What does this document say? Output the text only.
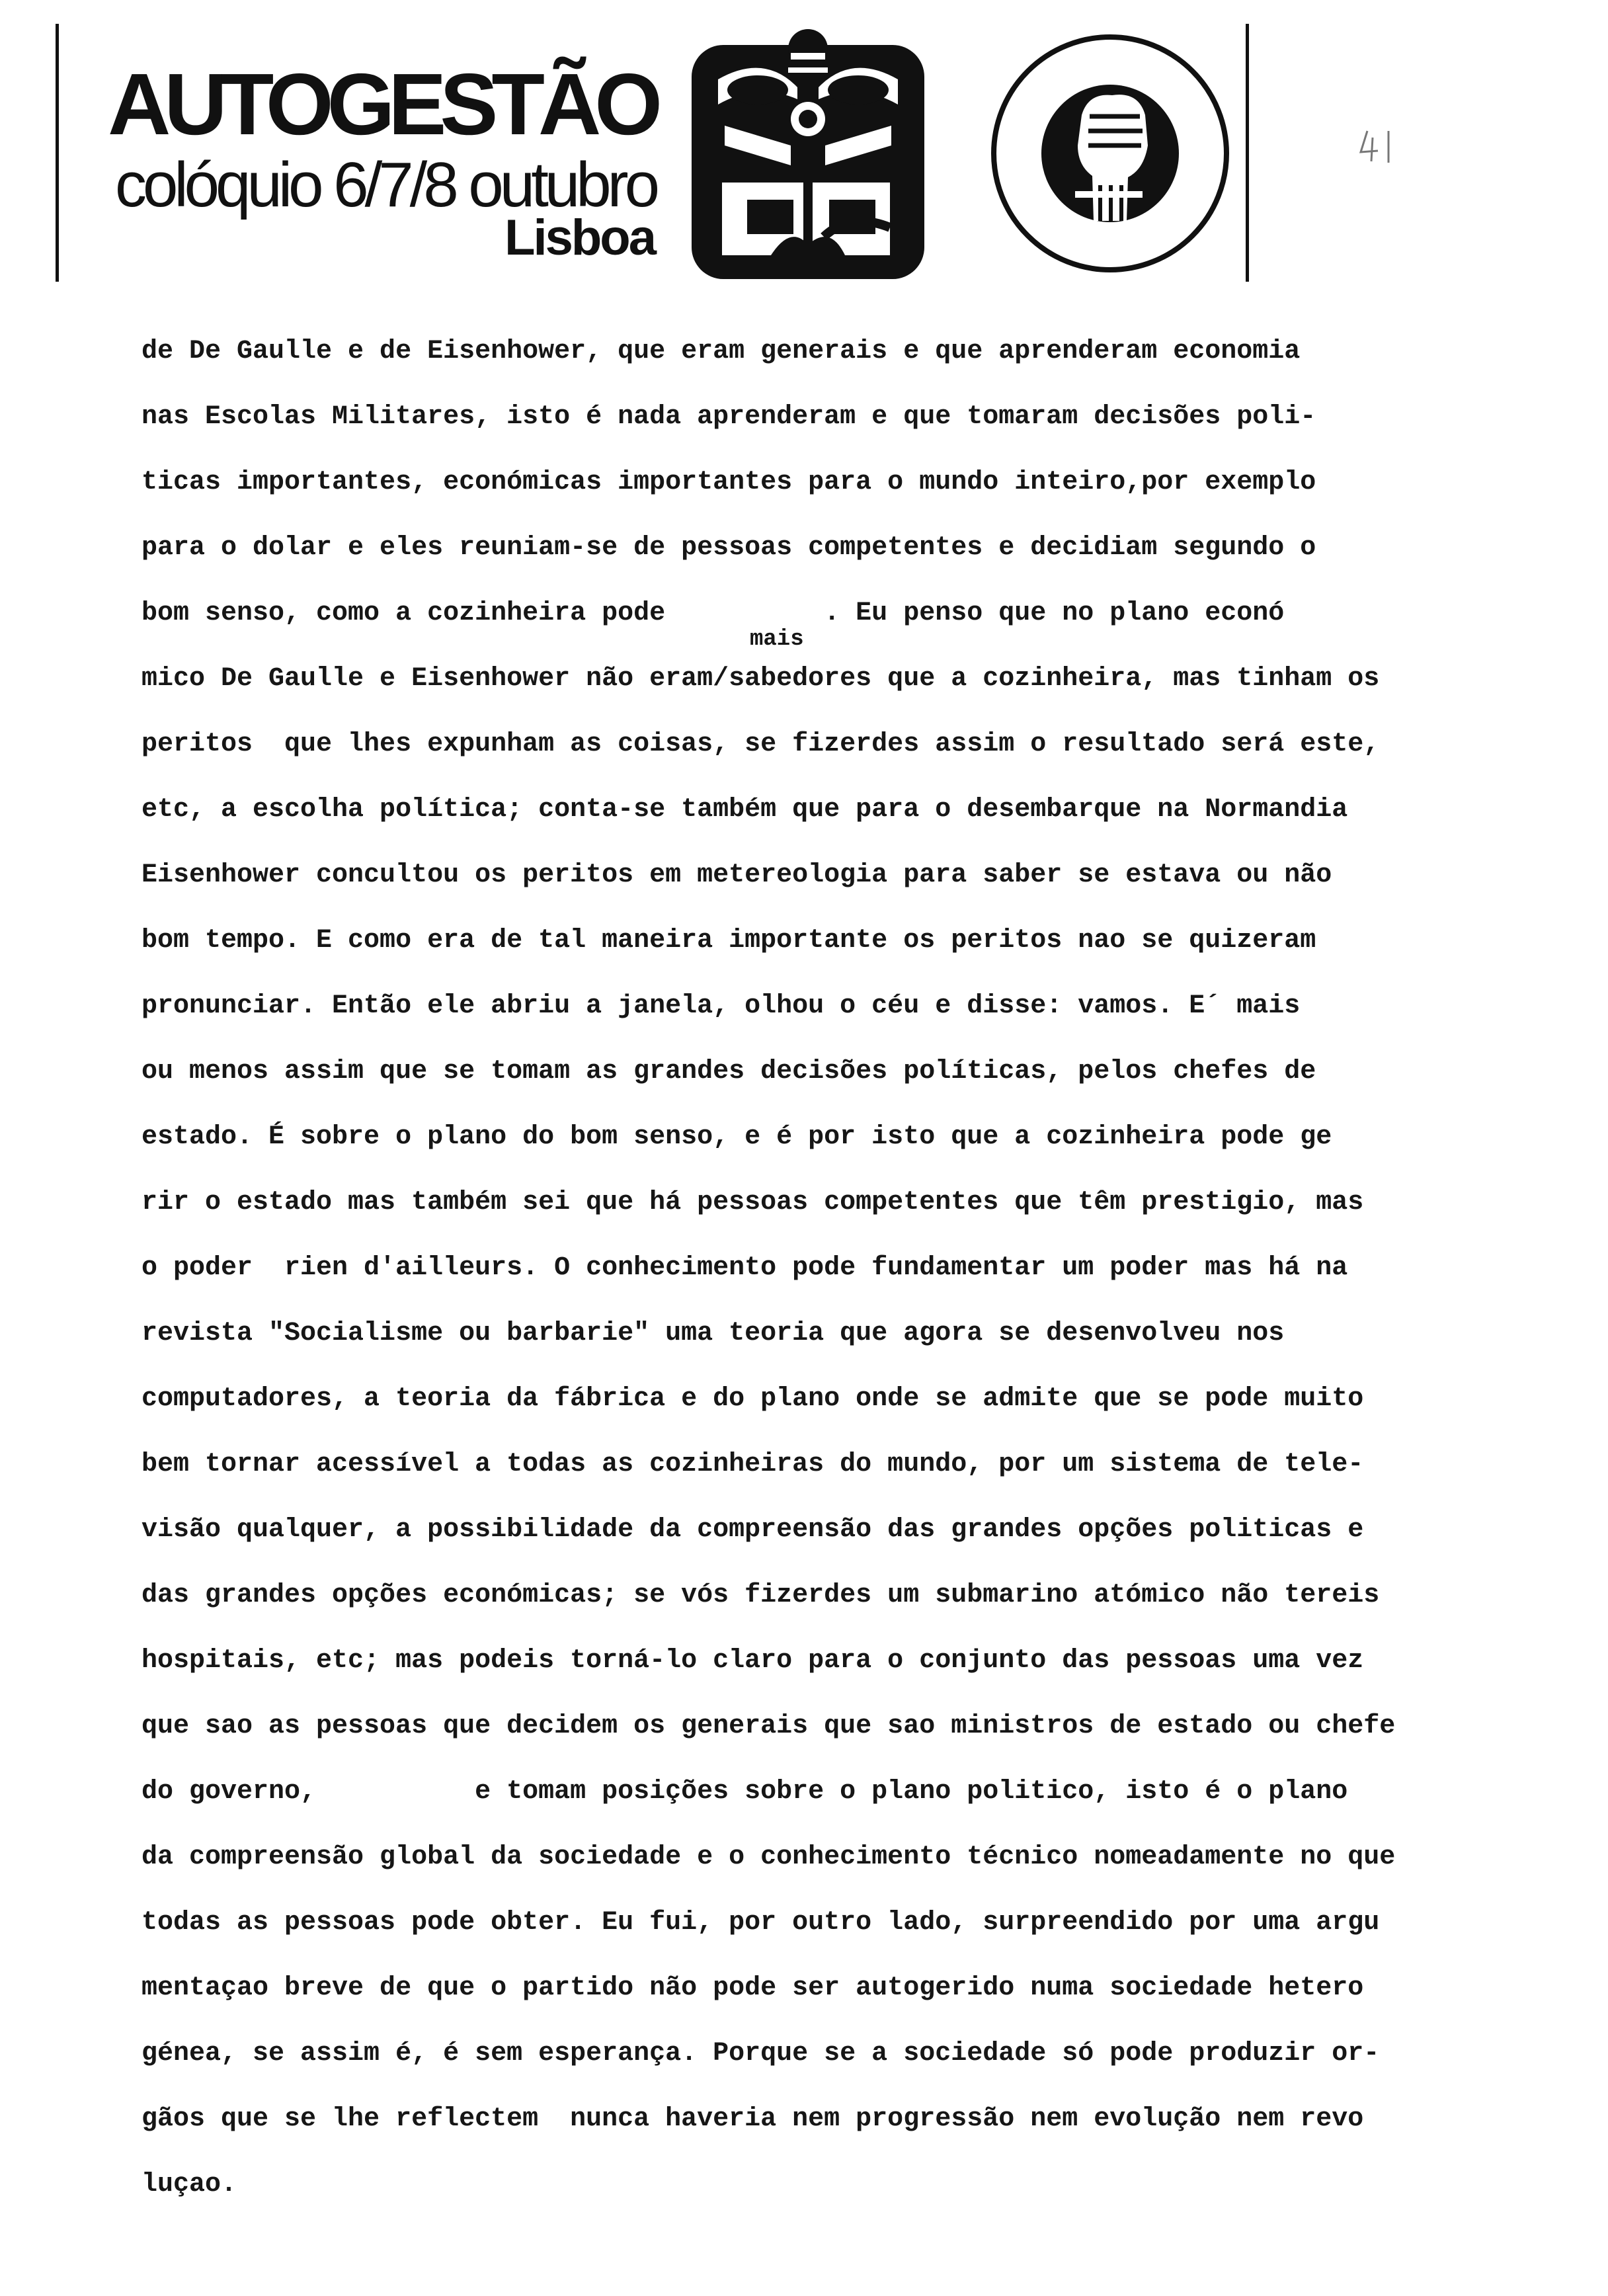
AUTOGESTÃO
colóquio 6/7/8 outubro
Lisboa
de De Gaulle e de Eisenhower, que eram generais e que aprenderam economia
nas Escolas Militares, isto é nada aprenderam e que tomaram decisões poli-
ticas importantes, económicas importantes para o mundo inteiro,por exemplo
para o dolar e eles reuniam-se de pessoas competentes e decidiam segundo o
bom senso, como a cozinheira pode          . Eu penso que no plano econó
mico De Gaulle e Eisenhower não eram/sabedores que a cozinheira, mas tinham os
peritos  que lhes expunham as coisas, se fizerdes assim o resultado será este,
etc, a escolha política; conta-se também que para o desembarque na Normandia
Eisenhower concultou os peritos em metereologia para saber se estava ou não
bom tempo. E como era de tal maneira importante os peritos nao se quizeram
pronunciar. Então ele abriu a janela, olhou o céu e disse: vamos. E´ mais
ou menos assim que se tomam as grandes decisões políticas, pelos chefes de
estado. É sobre o plano do bom senso, e é por isto que a cozinheira pode ge
rir o estado mas também sei que há pessoas competentes que têm prestigio, mas
o poder  rien d'ailleurs. O conhecimento pode fundamentar um poder mas há na
revista "Socialisme ou barbarie" uma teoria que agora se desenvolveu nos
computadores, a teoria da fábrica e do plano onde se admite que se pode muito
bem tornar acessível a todas as cozinheiras do mundo, por um sistema de tele-
visão qualquer, a possibilidade da compreensão das grandes opções politicas e
das grandes opções económicas; se vós fizerdes um submarino atómico não tereis
hospitais, etc; mas podeis torná-lo claro para o conjunto das pessoas uma vez
que sao as pessoas que decidem os generais que sao ministros de estado ou chefe
do governo,          e tomam posições sobre o plano politico, isto é o plano
da compreensão global da sociedade e o conhecimento técnico nomeadamente no que
todas as pessoas pode obter. Eu fui, por outro lado, surpreendido por uma argu
mentaçao breve de que o partido não pode ser autogerido numa sociedade hetero
génea, se assim é, é sem esperança. Porque se a sociedade só pode produzir or-
gãos que se lhe reflectem  nunca haveria nem progressão nem evolução nem revo
luçao.
mais
